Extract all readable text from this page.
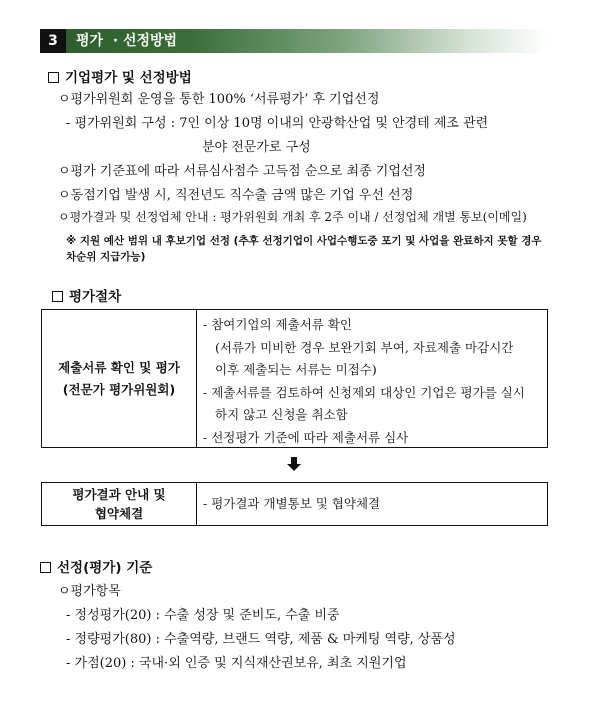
3	평가  · 선정방법
기업평가 및 선정방법
ㅇ평가위원회 운영을 통한 100% ‘서류평가’ 후 기업선정
- 평가위원회 구성 : 7인 이상 10명 이내의 안광학산업 및 안경테 제조 관련
분야 전문가로 구성
ㅇ평가 기준표에 따라 서류심사점수 고득점 순으로 최종 기업선정
ㅇ동점기업 발생 시, 직전년도 직수출 금액 많은 기업 우선 선정
ㅇ평가결과 및 선정업체 안내 : 평가위원회 개최 후 2주 이내 / 선정업체 개별 통보(이메일)
※ 지원 예산 범위 내 후보기업 선정 (추후 선정기업이 사업수행도중 포기 및 사업을 완료하지 못할 경우 차순위 지급가능)
평가절차
제출서류 확인 및 평가
(전문가 평가위원회)
- 참여기업의 제출서류 확인
(서류가 미비한 경우 보완기회 부여, 자료제출 마감시간
이후 제출되는 서류는 미접수)
- 제출서류를 검토하여 신청제외 대상인 기업은 평가를 실시
하지 않고 신청을 취소함
- 선정평가 기준에 따라 제출서류 심사
평가결과 안내 및
협약체결
- 평가결과 개별통보 및 협약체결
선정(평가) 기준
ㅇ평가항목
- 정성평가(20) : 수출 성장 및 준비도, 수출 비중
- 정량평가(80) : 수출역량, 브랜드 역량, 제품 & 마케팅 역량, 상품성
- 가점(20) : 국내·외 인증 및 지식재산권보유, 최초 지원기업
